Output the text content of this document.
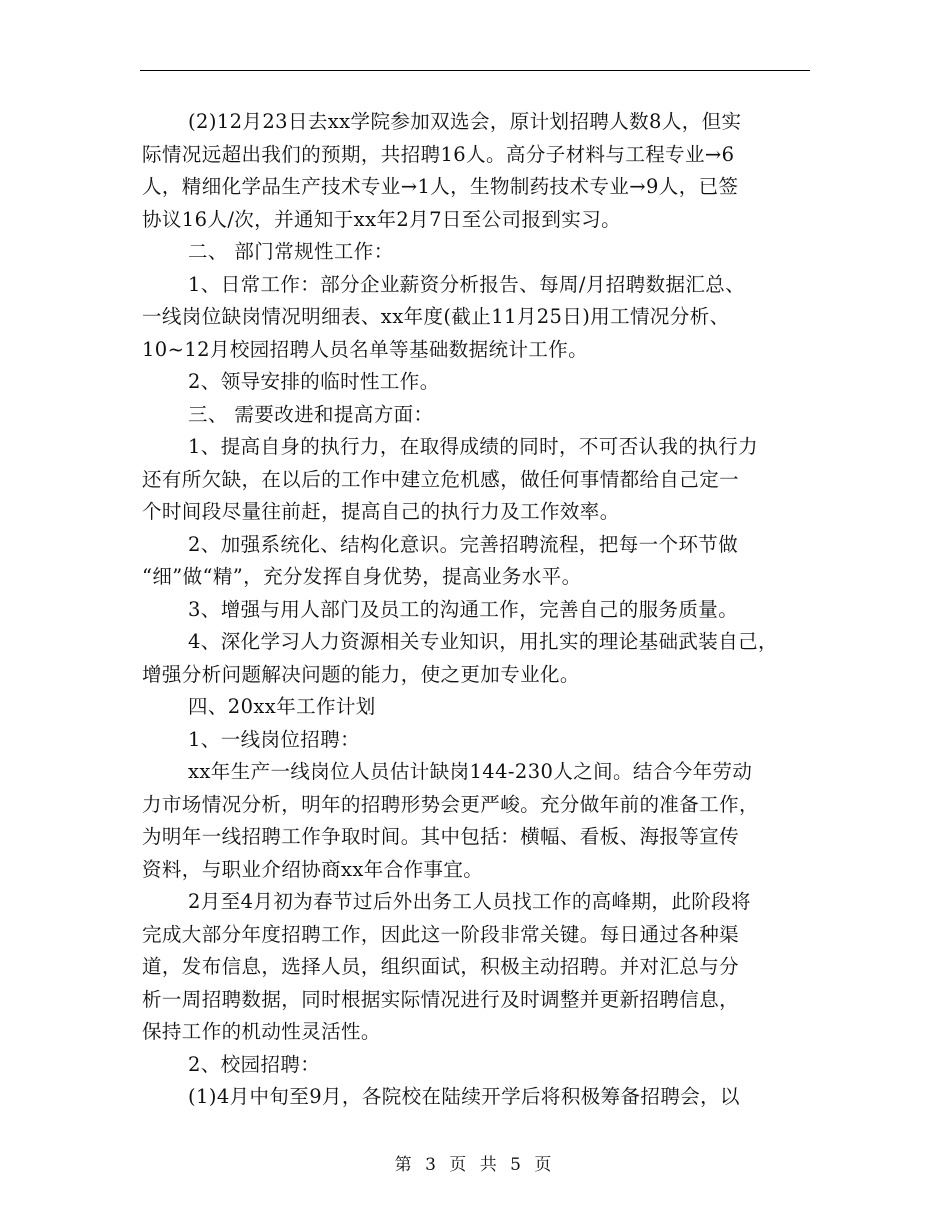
(2)12月23日去xx学院参加双选会，原计划招聘人数8人，但实
际情况远超出我们的预期，共招聘16人。高分子材料与工程专业→6
人，精细化学品生产技术专业→1人，生物制药技术专业→9人，已签
协议16人/次，并通知于xx年2月7日至公司报到实习。
二、 部门常规性工作：
1、日常工作：部分企业薪资分析报告、每周/月招聘数据汇总、
一线岗位缺岗情况明细表、xx年度(截止11月25日)用工情况分析、
10~12月校园招聘人员名单等基础数据统计工作。
2、领导安排的临时性工作。
三、 需要改进和提高方面：
1、提高自身的执行力，在取得成绩的同时，不可否认我的执行力
还有所欠缺，在以后的工作中建立危机感，做任何事情都给自己定一
个时间段尽量往前赶，提高自己的执行力及工作效率。
2、加强系统化、结构化意识。完善招聘流程，把每一个环节做
“细”做“精”，充分发挥自身优势，提高业务水平。
3、增强与用人部门及员工的沟通工作，完善自己的服务质量。
4、深化学习人力资源相关专业知识，用扎实的理论基础武装自己，
增强分析问题解决问题的能力，使之更加专业化。
四、20xx年工作计划
1、一线岗位招聘：
xx年生产一线岗位人员估计缺岗144-230人之间。结合今年劳动
力市场情况分析，明年的招聘形势会更严峻。充分做年前的准备工作，
为明年一线招聘工作争取时间。其中包括：横幅、看板、海报等宣传
资料，与职业介绍协商xx年合作事宜。
2月至4月初为春节过后外出务工人员找工作的高峰期，此阶段将
完成大部分年度招聘工作，因此这一阶段非常关键。每日通过各种渠
道，发布信息，选择人员，组织面试，积极主动招聘。并对汇总与分
析一周招聘数据，同时根据实际情况进行及时调整并更新招聘信息，
保持工作的机动性灵活性。
2、校园招聘：
(1)4月中旬至9月，各院校在陆续开学后将积极筹备招聘会，以
第 3 页 共 5 页
